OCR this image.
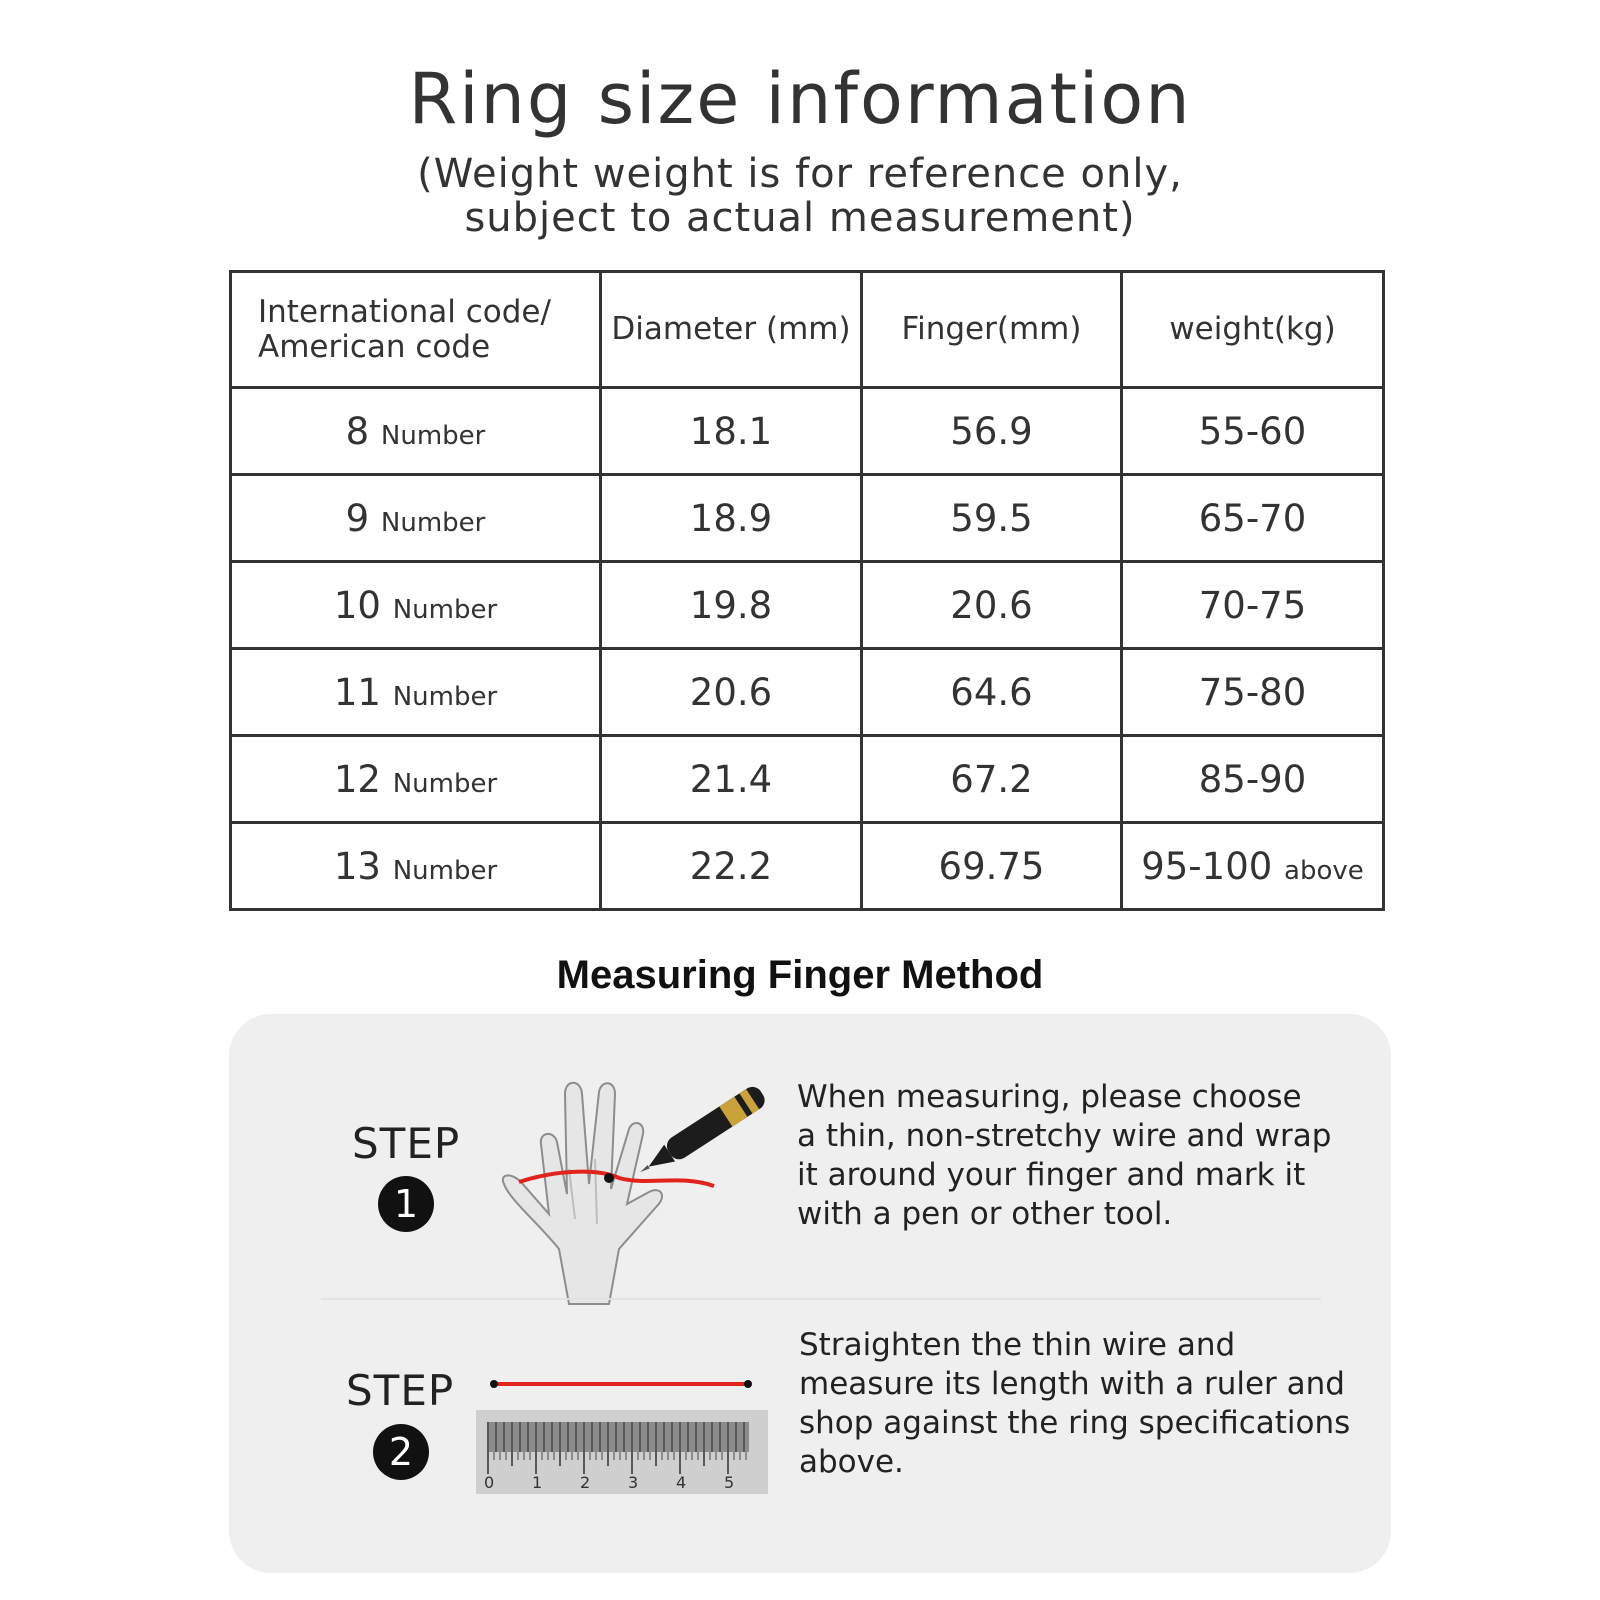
Ring size information
(Weight weight is for reference only,
subject to actual measurement)
International code/
American code	Diameter (mm)	Finger(mm)	weight(kg)
8 Number	18.1	56.9	55-60
9 Number	18.9	59.5	65-70
10 Number	19.8	20.6	70-75
11 Number	20.6	64.6	75-80
12 Number	21.4	67.2	85-90
13 Number	22.2	69.75	95-100 above
Measuring Finger Method
STEP
1
When measuring, please choose
a thin, non-stretchy wire and wrap
it around your finger and mark it
with a pen or other tool.
STEP
2
0 1 2 3 4 5
Straighten the thin wire and
measure its length with a ruler and
shop against the ring specifications
above.
